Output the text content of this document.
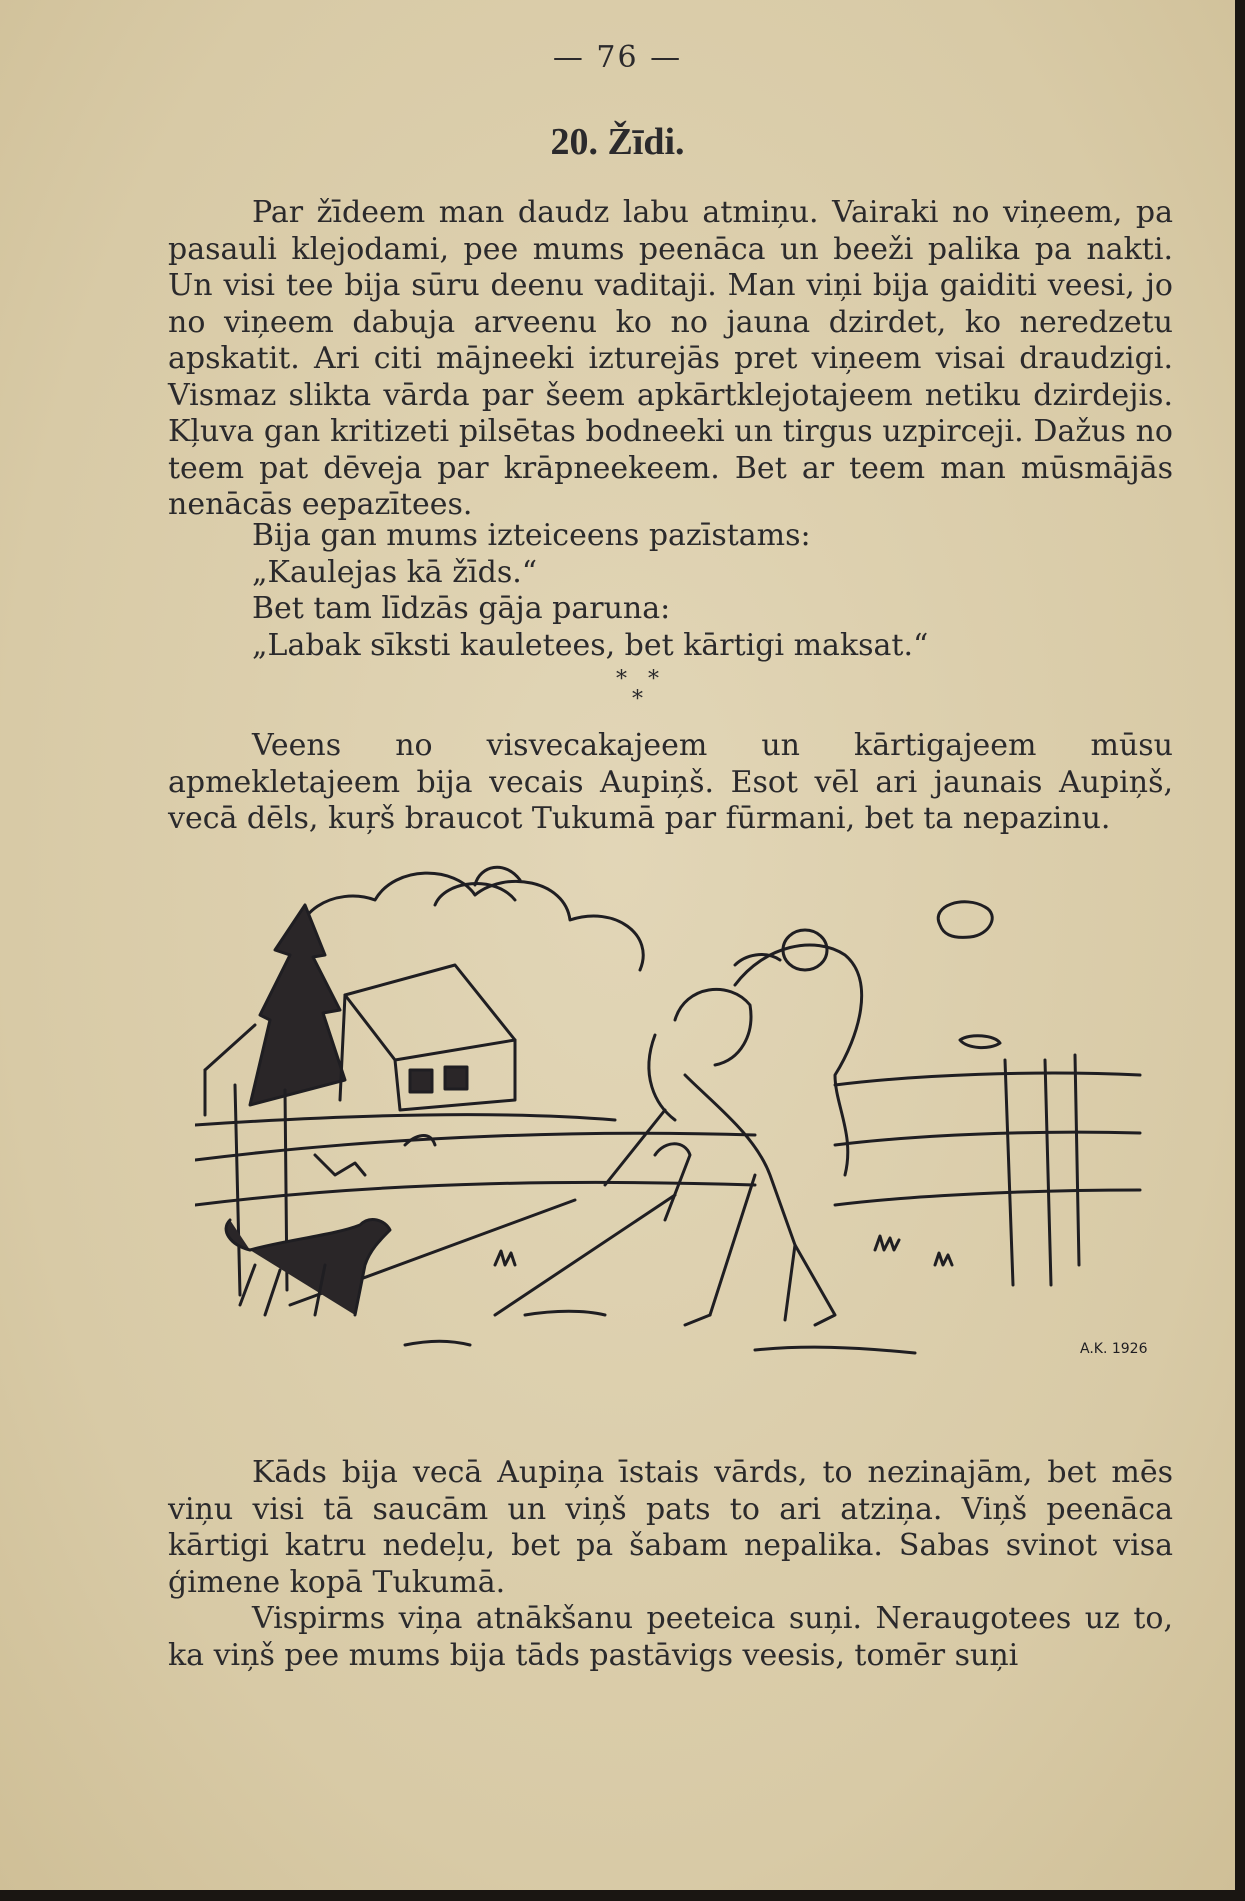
— 76 —
20. Žīdi.

Par žīdeem man daudz labu atmiņu. Vairaki no viņeem, pa pasauli klejodami, pee mums peenāca un beeži palika pa nakti. Un visi tee bija sūru deenu vaditaji. Man viņi bija gaiditi veesi, jo no viņeem dabuja arveenu ko no jauna dzirdet, ko neredzetu apskatit. Ari citi mājneeki izturejās pret viņeem visai draudzigi. Vismaz slikta vārda par šeem apkārtklejotajeem netiku dzirdejis. Kļuva gan kritizeti pilsētas bodneeki un tirgus uzpirceji. Dažus no teem pat dēveja par krāpneekeem. Bet ar teem man mūsmājās nenācās eepazītees.

Bija gan mums izteiceens pazīstams:
„Kaulejas kā žīds.“
Bet tam līdzās gāja paruna:
„Labak sīksti kauletees, bet kārtigi maksat.“
*   *
*

Veens no visvecakajeem un kārtigajeem mūsu apmekletajeem bija vecais Aupiņš. Esot vēl ari jaunais Aupiņš, vecā dēls, kuŗš braucot Tukumā par fūrmani, bet ta nepazinu.

A.K. 1926

Kāds bija vecā Aupiņa īstais vārds, to nezinajām, bet mēs viņu visi tā saucām un viņš pats to ari atziņa. Viņš peenāca kārtigi katru nedeļu, bet pa šabam nepalika. Sabas svinot visa ģimene kopā Tukumā.

Vispirms viņa atnākšanu peeteica suņi. Neraugotees uz to, ka viņš pee mums bija tāds pastāvigs veesis, tomēr suņi
